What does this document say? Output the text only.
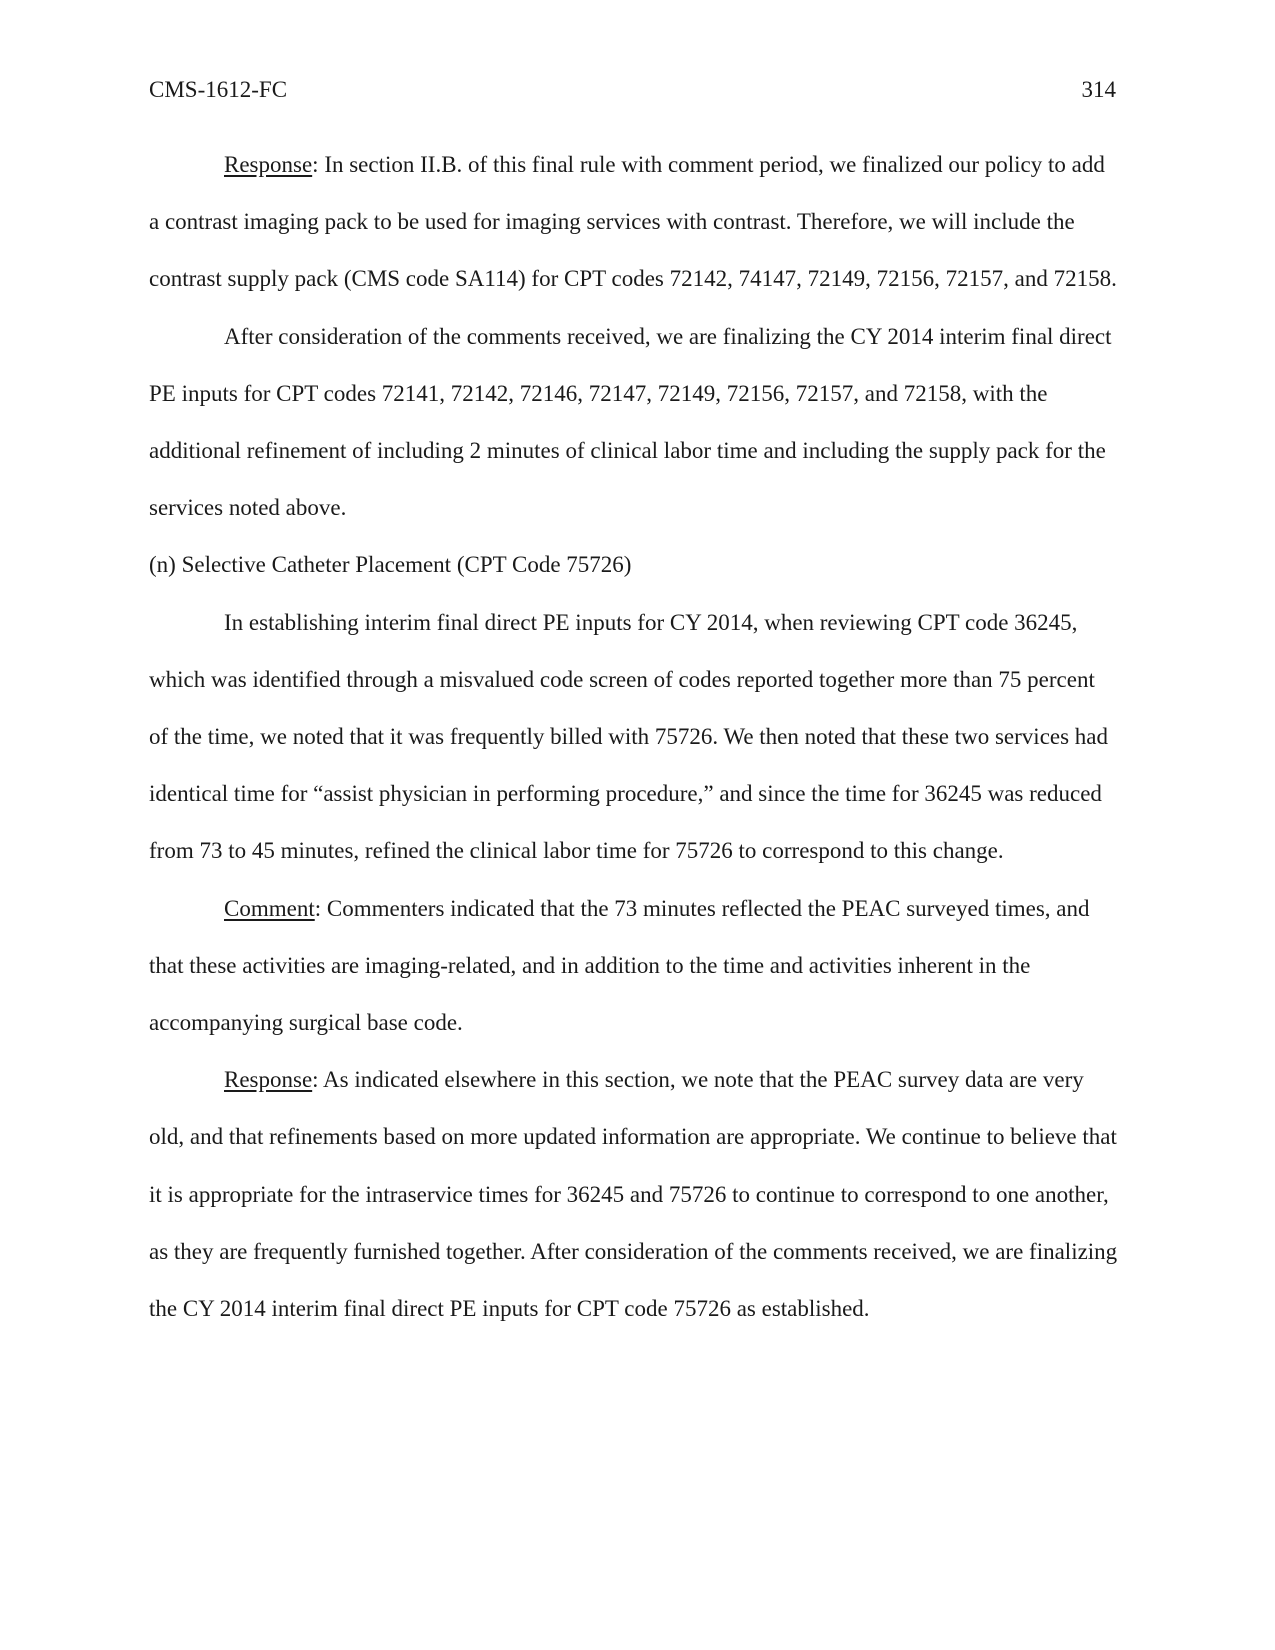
CMS-1612-FC	314

Response: In section II.B. of this final rule with comment period, we finalized our policy to add a contrast imaging pack to be used for imaging services with contrast. Therefore, we will include the contrast supply pack (CMS code SA114) for CPT codes 72142, 74147, 72149, 72156, 72157, and 72158.

After consideration of the comments received, we are finalizing the CY 2014 interim final direct PE inputs for CPT codes 72141, 72142, 72146, 72147, 72149, 72156, 72157, and 72158, with the additional refinement of including 2 minutes of clinical labor time and including the supply pack for the services noted above.

(n) Selective Catheter Placement (CPT Code 75726)

In establishing interim final direct PE inputs for CY 2014, when reviewing CPT code 36245, which was identified through a misvalued code screen of codes reported together more than 75 percent of the time, we noted that it was frequently billed with 75726. We then noted that these two services had identical time for “assist physician in performing procedure,” and since the time for 36245 was reduced from 73 to 45 minutes, refined the clinical labor time for 75726 to correspond to this change.

Comment: Commenters indicated that the 73 minutes reflected the PEAC surveyed times, and that these activities are imaging-related, and in addition to the time and activities inherent in the accompanying surgical base code.

Response: As indicated elsewhere in this section, we note that the PEAC survey data are very old, and that refinements based on more updated information are appropriate. We continue to believe that it is appropriate for the intraservice times for 36245 and 75726 to continue to correspond to one another, as they are frequently furnished together. After consideration of the comments received, we are finalizing the CY 2014 interim final direct PE inputs for CPT code 75726 as established.
